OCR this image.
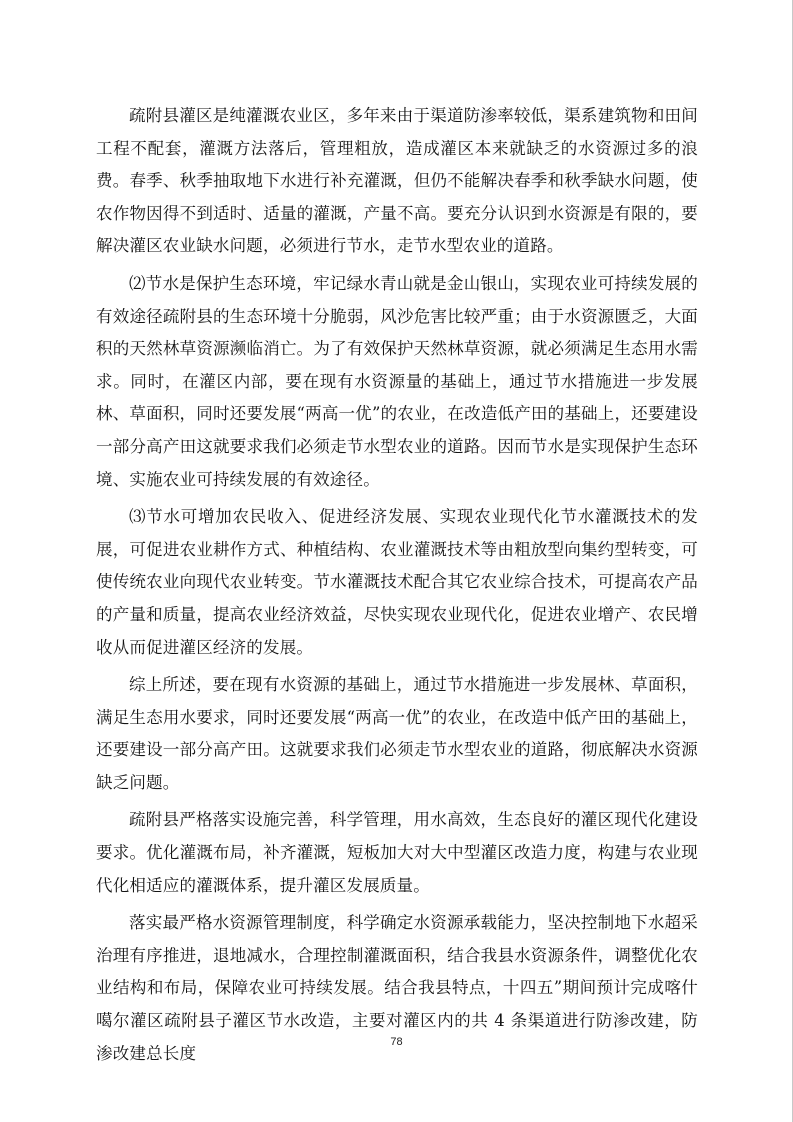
疏附县灌区是纯灌溉农业区，多年来由于渠道防渗率较低，渠系建筑物和田间工程不配套，灌溉方法落后，管理粗放，造成灌区本来就缺乏的水资源过多的浪费。春季、秋季抽取地下水进行补充灌溉，但仍不能解决春季和秋季缺水问题，使农作物因得不到适时、适量的灌溉，产量不高。要充分认识到水资源是有限的，要解决灌区农业缺水问题，必须进行节水，走节水型农业的道路。

⑵节水是保护生态环境，牢记绿水青山就是金山银山，实现农业可持续发展的有效途径疏附县的生态环境十分脆弱，风沙危害比较严重；由于水资源匮乏，大面积的天然林草资源濒临消亡。为了有效保护天然林草资源，就必须满足生态用水需求。同时，在灌区内部，要在现有水资源量的基础上，通过节水措施进一步发展林、草面积，同时还要发展“两高一优”的农业，在改造低产田的基础上，还要建设一部分高产田这就要求我们必须走节水型农业的道路。因而节水是实现保护生态环境、实施农业可持续发展的有效途径。

⑶节水可增加农民收入、促进经济发展、实现农业现代化节水灌溉技术的发展，可促进农业耕作方式、种植结构、农业灌溉技术等由粗放型向集约型转变，可使传统农业向现代农业转变。节水灌溉技术配合其它农业综合技术，可提高农产品的产量和质量，提高农业经济效益，尽快实现农业现代化，促进农业增产、农民增收从而促进灌区经济的发展。

综上所述，要在现有水资源的基础上，通过节水措施进一步发展林、草面积，满足生态用水要求，同时还要发展“两高一优”的农业，在改造中低产田的基础上，还要建设一部分高产田。这就要求我们必须走节水型农业的道路，彻底解决水资源缺乏问题。

疏附县严格落实设施完善，科学管理，用水高效，生态良好的灌区现代化建设要求。优化灌溉布局，补齐灌溉，短板加大对大中型灌区改造力度，构建与农业现代化相适应的灌溉体系，提升灌区发展质量。

落实最严格水资源管理制度，科学确定水资源承载能力，坚决控制地下水超采治理有序推进，退地减水，合理控制灌溉面积，结合我县水资源条件，调整优化农业结构和布局，保障农业可持续发展。结合我县特点，十四五”期间预计完成喀什噶尔灌区疏附县子灌区节水改造，主要对灌区内的共 4 条渠道进行防渗改建，防渗改建总长度

78
